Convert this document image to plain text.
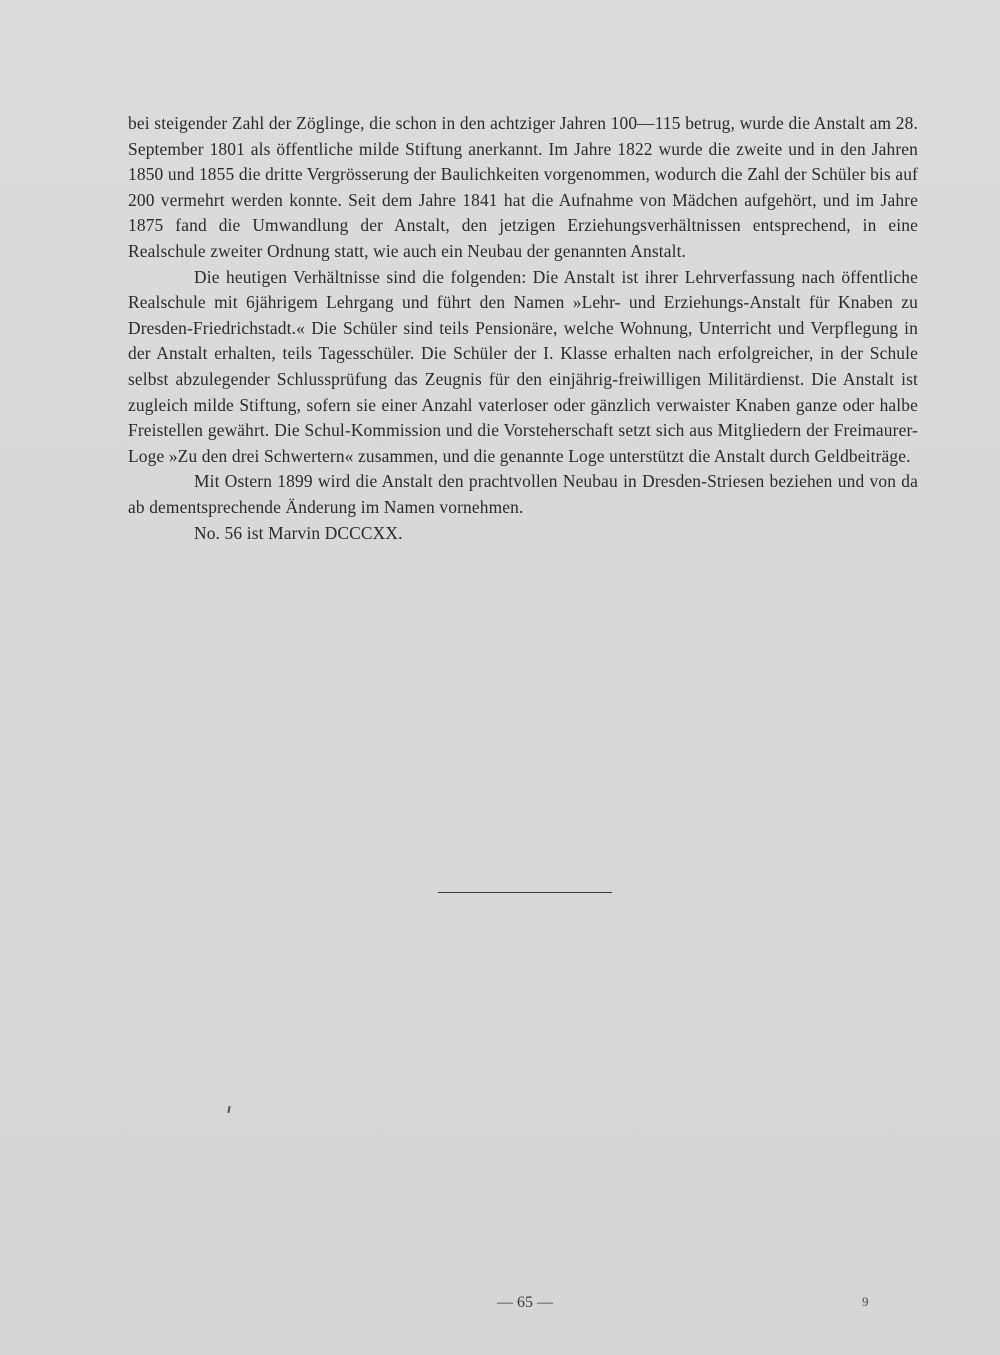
bei steigender Zahl der Zöglinge, die schon in den achtziger Jahren 100—115 betrug, wurde die Anstalt am 28. September 1801 als öffentliche milde Stiftung anerkannt. Im Jahre 1822 wurde die zweite und in den Jahren 1850 und 1855 die dritte Vergrösserung der Baulichkeiten vorgenommen, wodurch die Zahl der Schüler bis auf 200 vermehrt werden konnte. Seit dem Jahre 1841 hat die Aufnahme von Mädchen aufgehört, und im Jahre 1875 fand die Umwandlung der Anstalt, den jetzigen Erziehungsverhältnissen entsprechend, in eine Realschule zweiter Ordnung statt, wie auch ein Neubau der genannten Anstalt.

Die heutigen Verhältnisse sind die folgenden: Die Anstalt ist ihrer Lehrverfassung nach öffentliche Realschule mit 6jährigem Lehrgang und führt den Namen »Lehr- und Erziehungs-Anstalt für Knaben zu Dresden-Friedrichstadt.« Die Schüler sind teils Pensionäre, welche Wohnung, Unterricht und Verpflegung in der Anstalt erhalten, teils Tagesschüler. Die Schüler der I. Klasse erhalten nach erfolgreicher, in der Schule selbst abzulegender Schlussprüfung das Zeugnis für den einjährig-freiwilligen Militärdienst. Die Anstalt ist zugleich milde Stiftung, sofern sie einer Anzahl vaterloser oder gänzlich verwaister Knaben ganze oder halbe Freistellen gewährt. Die Schul-Kommission und die Vorsteherschaft setzt sich aus Mitgliedern der Freimaurer-Loge »Zu den drei Schwertern« zusammen, und die genannte Loge unterstützt die Anstalt durch Geldbeiträge.

Mit Ostern 1899 wird die Anstalt den prachtvollen Neubau in Dresden-Striesen beziehen und von da ab dementsprechende Änderung im Namen vornehmen.

No. 56 ist Marvin DCCCXX.

— 65 —	9
